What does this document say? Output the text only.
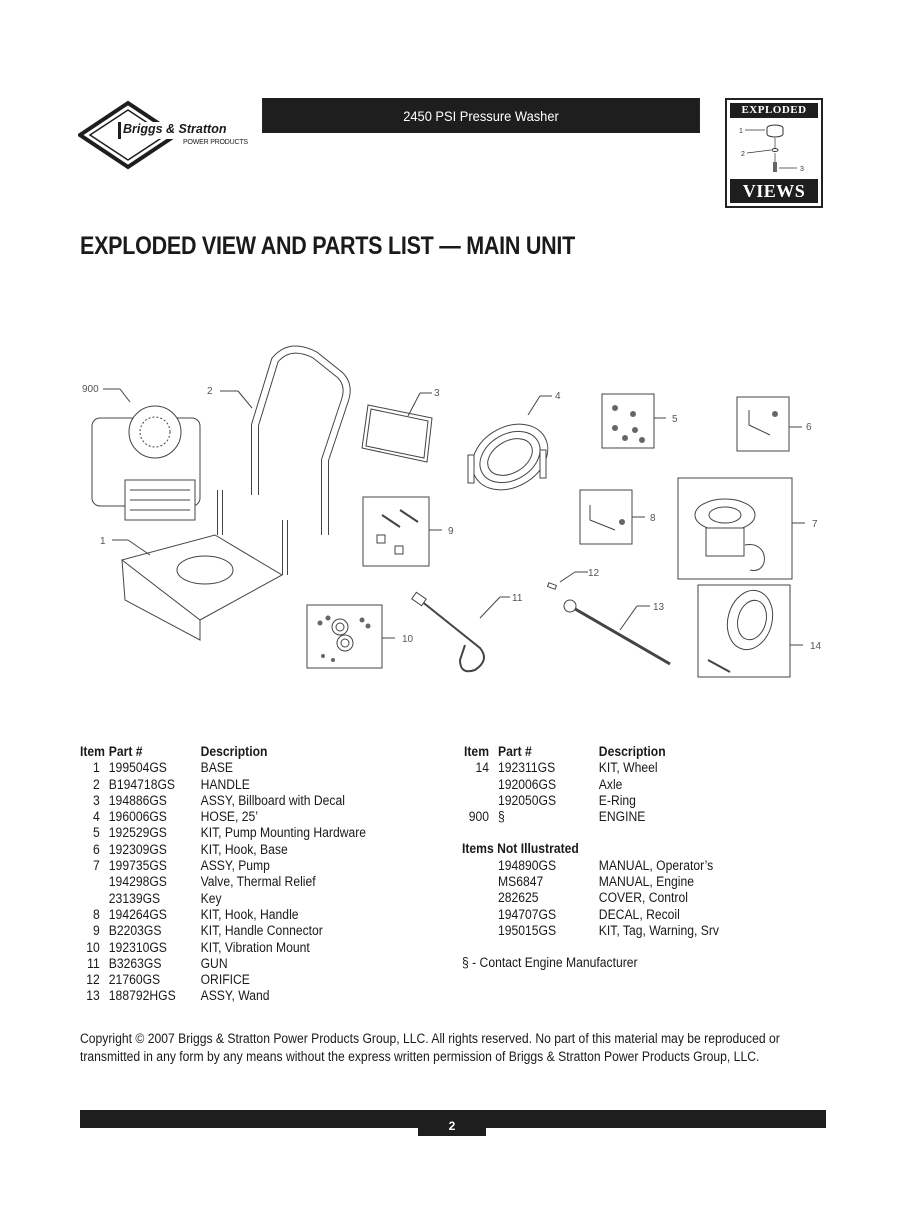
Briggs & Stratton
POWER PRODUCTS
2450 PSI Pressure Washer	EXPLODED
1
2
3
VIEWS
EXPLODED VIEW AND PARTS LIST — MAIN UNIT
900	2	3	4
5
6
8
7
9
1
10
11
12
13
14
Item Part #	Description
1 199504GS	BASE
2 B194718GS	HANDLE
3 194886GS	ASSY, Billboard with Decal
4 196006GS	HOSE, 25’
5 192529GS	KIT, Pump Mounting Hardware
6 192309GS	KIT, Hook, Base
7 199735GS	ASSY, Pump
194298GS	Valve, Thermal Relief
23139GS	Key
8 194264GS	KIT, Hook, Handle
9 B2203GS	KIT, Handle Connector
10 192310GS	KIT, Vibration Mount
11 B3263GS	GUN
12 21760GS	ORIFICE
13 188792HGS	ASSY, Wand
Item Part #	Description
14 192311GS	KIT, Wheel
192006GS	Axle
192050GS	E-Ring
900 §	ENGINE
Items Not Illustrated
194890GS	MANUAL, Operator’s
MS6847	MANUAL, Engine
282625	COVER, Control
194707GS	DECAL, Recoil
195015GS	KIT, Tag, Warning, Srv
§ - Contact Engine Manufacturer
Copyright © 2007 Briggs & Stratton Power Products Group, LLC. All rights reserved. No part of this material may be reproduced or transmitted in any form by any means without the express written permission of Briggs & Stratton Power Products Group, LLC.
2
